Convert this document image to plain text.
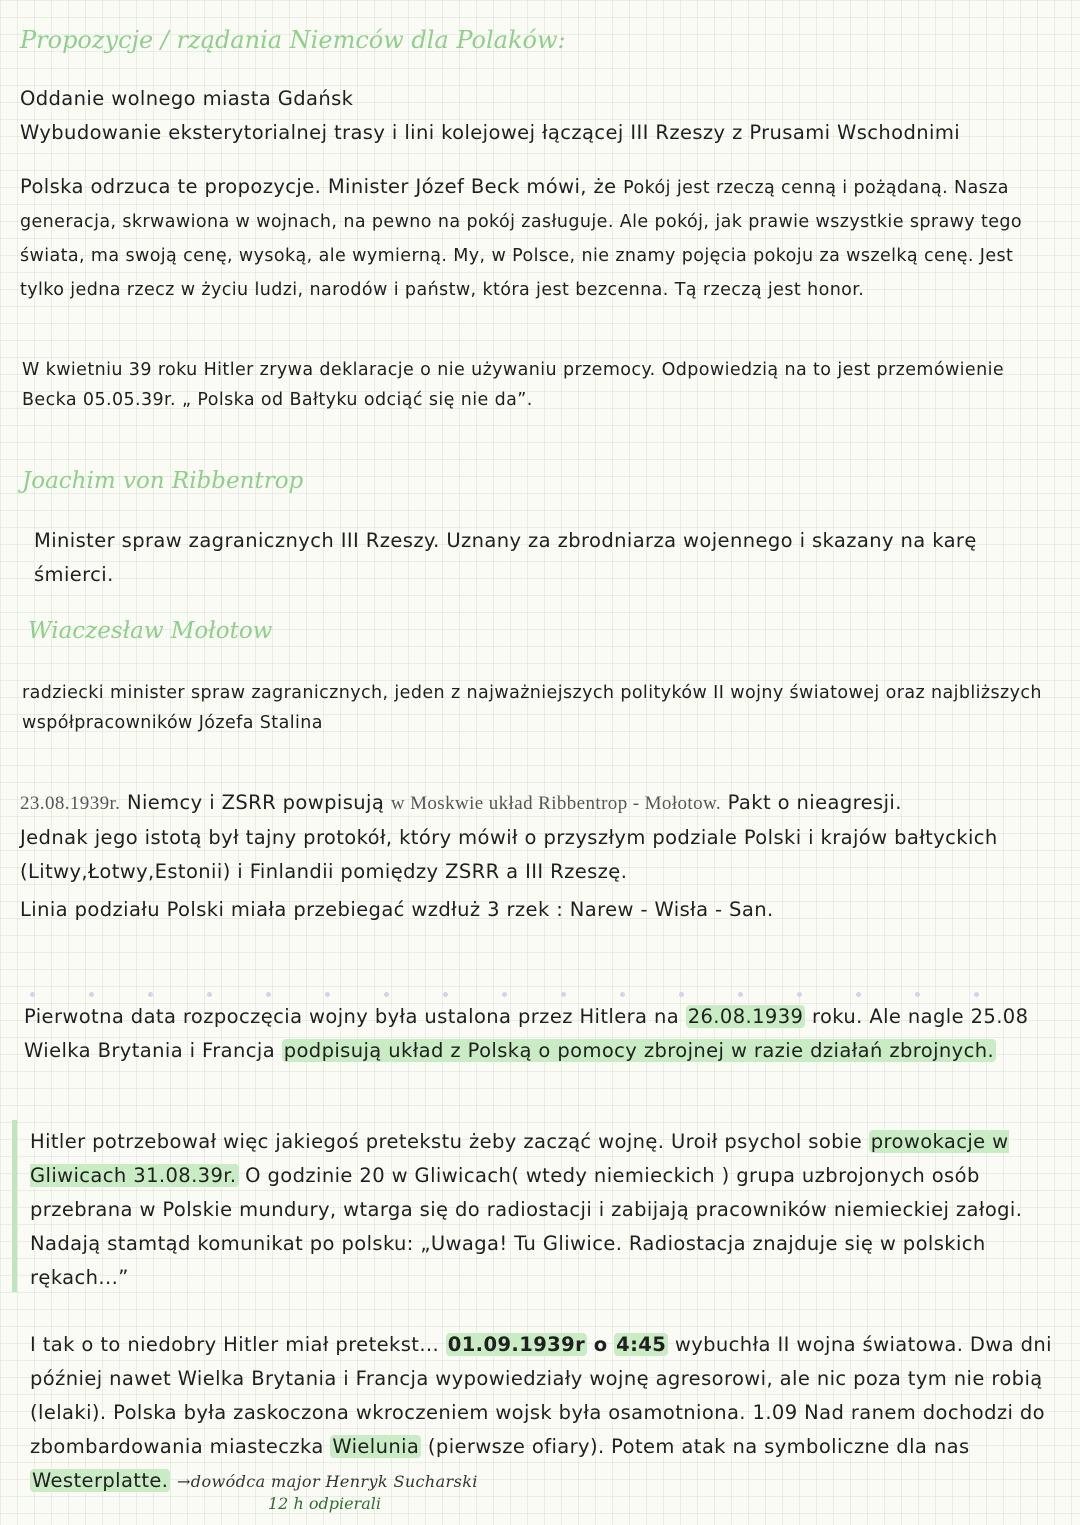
Propozycje / rządania Niemców dla Polaków:
Oddanie wolnego miasta Gdańsk
Wybudowanie eksterytorialnej trasy i lini kolejowej łączącej III Rzeszy z Prusami Wschodnimi
Polska odrzuca te propozycje. Minister Józef Beck mówi, że Pokój jest rzeczą cenną i pożądaną. Nasza generacja, skrwawiona w wojnach, na pewno na pokój zasługuje. Ale pokój, jak prawie wszystkie sprawy tego świata, ma swoją cenę, wysoką, ale wymierną. My, w Polsce, nie znamy pojęcia pokoju za wszelką cenę. Jest tylko jedna rzecz w życiu ludzi, narodów i państw, która jest bezcenna. Tą rzeczą jest honor.
W kwietniu 39 roku Hitler zrywa deklaracje o nie używaniu przemocy. Odpowiedzią na to jest przemówienie Becka 05.05.39r. „ Polska od Bałtyku odciąć się nie da”.
Joachim von Ribbentrop
Minister spraw zagranicznych III Rzeszy. Uznany za zbrodniarza wojennego i skazany na karę śmierci.
Wiaczesław Mołotow
radziecki minister spraw zagranicznych, jeden z najważniejszych polityków II wojny światowej oraz najbliższych współpracowników Józefa Stalina
23.08.1939r. Niemcy i ZSRR powpisują w Moskwie układ Ribbentrop - Mołotow. Pakt o nieagresji.
Jednak jego istotą był tajny protokół, który mówił o przyszłym podziale Polski i krajów bałtyckich (Litwy,Łotwy,Estonii) i Finlandii pomiędzy ZSRR a III Rzeszę.
Linia podziału Polski miała przebiegać wzdłuż 3 rzek : Narew - Wisła - San.
Pierwotna data rozpoczęcia wojny była ustalona przez Hitlera na 26.08.1939 roku. Ale nagle 25.08 Wielka Brytania i Francja podpisują układ z Polską o pomocy zbrojnej w razie działań zbrojnych.
Hitler potrzebował więc jakiegoś pretekstu żeby zacząć wojnę. Uroił psychol sobie prowokacje w Gliwicach 31.08.39r. O godzinie 20 w Gliwicach( wtedy niemieckich ) grupa uzbrojonych osób przebrana w Polskie mundury, wtarga się do radiostacji i zabijają pracowników niemieckiej załogi. Nadają stamtąd komunikat po polsku: „Uwaga! Tu Gliwice. Radiostacja znajduje się w polskich rękach...”
I tak o to niedobry Hitler miał pretekst... 01.09.1939r o 4:45 wybuchła II wojna światowa. Dwa dni później nawet Wielka Brytania i Francja wypowiedziały wojnę agresorowi, ale nic poza tym nie robią (lelaki). Polska była zaskoczona wkroczeniem wojsk była osamotniona. 1.09 Nad ranem dochodzi do zbombardowania miasteczka Wielunia (pierwsze ofiary). Potem atak na symboliczne dla nas Westerplatte. →dowódca major Henryk Sucharski
12 h odpierali
